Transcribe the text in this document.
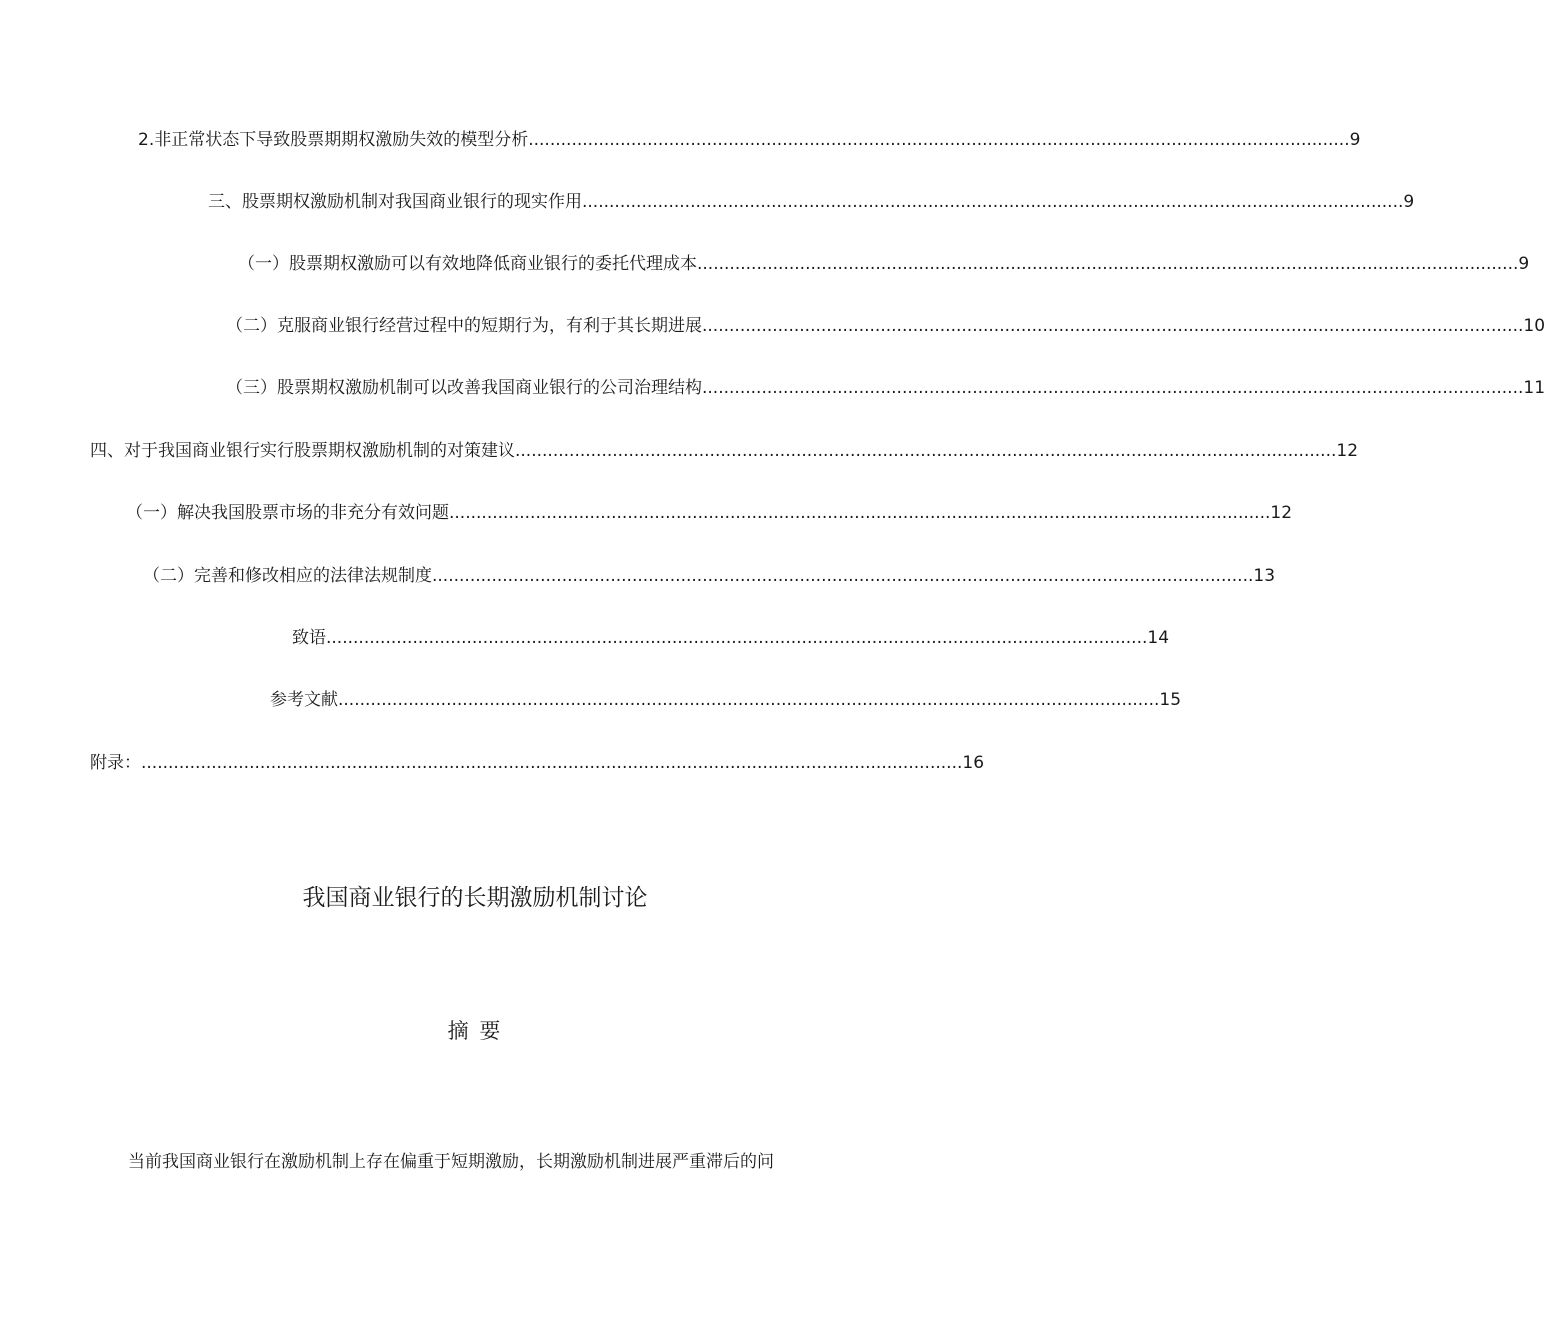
2.非正常状态下导致股票期期权激励失效的模型分析 ........................................................................................................................................................ 9
三、股票期权激励机制对我国商业银行的现实作用 ........................................................................................................................................................ 9
（一）股票期权激励可以有效地降低商业银行的委托代理成本 ........................................................................................................................................................ 9
（二）克服商业银行经营过程中的短期行为，有利于其长期进展 ........................................................................................................................................................ 10
（三）股票期权激励机制可以改善我国商业银行的公司治理结构 ........................................................................................................................................................ 11
四、对于我国商业银行实行股票期权激励机制的对策建议 ........................................................................................................................................................ 12
（一）解决我国股票市场的非充分有效问题 ........................................................................................................................................................ 12
（二）完善和修改相应的法律法规制度 ........................................................................................................................................................ 13
致语 ........................................................................................................................................................ 14
参考文献 ........................................................................................................................................................ 15
附录： ........................................................................................................................................................ 16
我国商业银行的长期激励机制讨论
摘 要
当前我国商业银行在激励机制上存在偏重于短期激励，长期激励机制进展严重滞后的问
